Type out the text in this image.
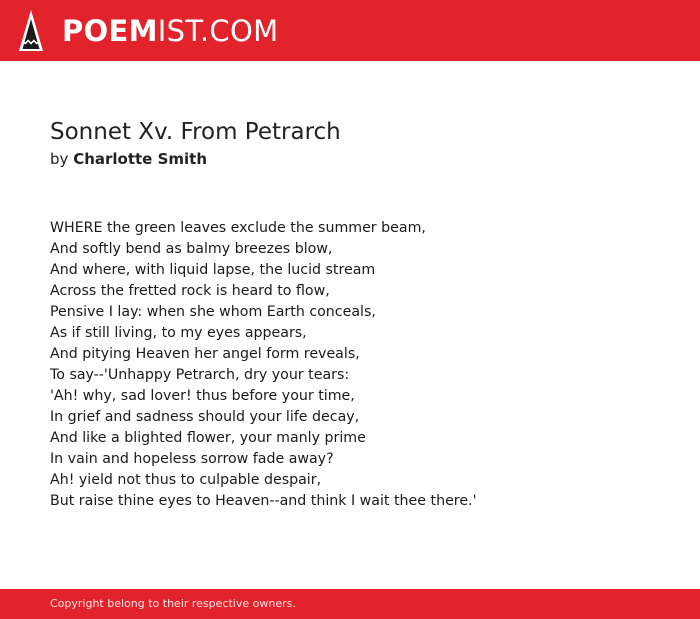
POEMIST.COM
Sonnet Xv. From Petrarch
by Charlotte Smith
WHERE the green leaves exclude the summer beam,
And softly bend as balmy breezes blow,
And where, with liquid lapse, the lucid stream
Across the fretted rock is heard to flow,
Pensive I lay: when she whom Earth conceals,
As if still living, to my eyes appears,
And pitying Heaven her angel form reveals,
To say--'Unhappy Petrarch, dry your tears:
'Ah! why, sad lover! thus before your time,
In grief and sadness should your life decay,
And like a blighted flower, your manly prime
In vain and hopeless sorrow fade away?
Ah! yield not thus to culpable despair,
But raise thine eyes to Heaven--and think I wait thee there.'
Copyright belong to their respective owners.
